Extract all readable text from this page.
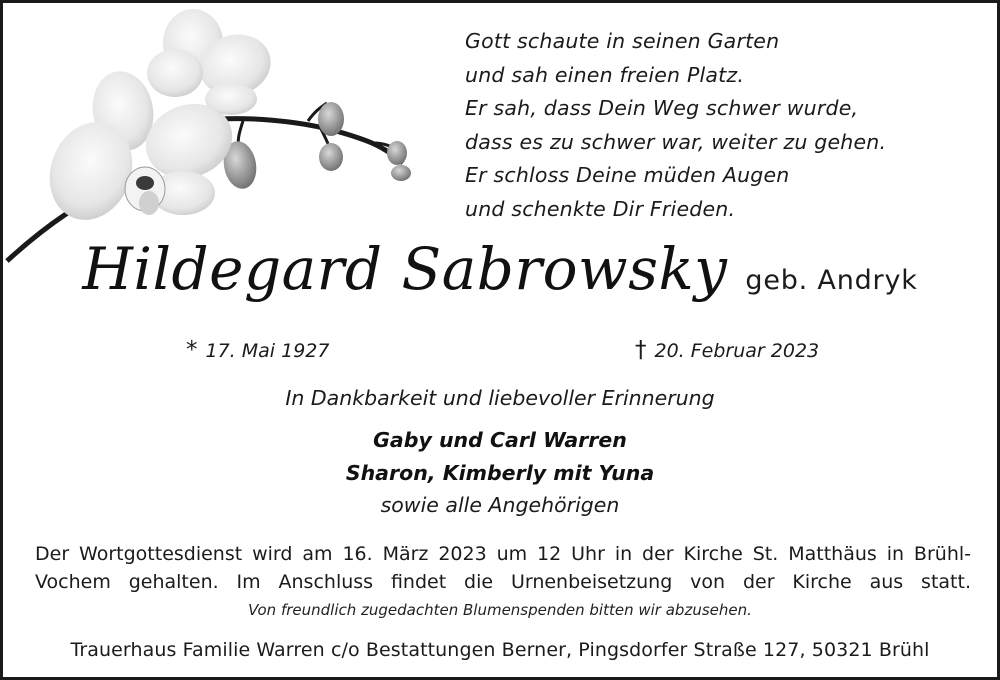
Gott schaute in seinen Garten
und sah einen freien Platz.
Er sah, dass Dein Weg schwer wurde,
dass es zu schwer war, weiter zu gehen.
Er schloss Deine müden Augen
und schenkte Dir Frieden.
Hildegard Sabrowsky geb. Andryk
* 17. Mai 1927	† 20. Februar 2023
In Dankbarkeit und liebevoller Erinnerung
Gaby und Carl Warren
Sharon, Kimberly mit Yuna
sowie alle Angehörigen
Der Wortgottesdienst wird am 16. März 2023 um 12 Uhr in der Kirche St. Matthäus in Brühl-
Vochem gehalten. Im Anschluss findet die Urnenbeisetzung von der Kirche aus statt.
Von freundlich zugedachten Blumenspenden bitten wir abzusehen.
Trauerhaus Familie Warren c/o Bestattungen Berner, Pingsdorfer Straße 127, 50321 Brühl
